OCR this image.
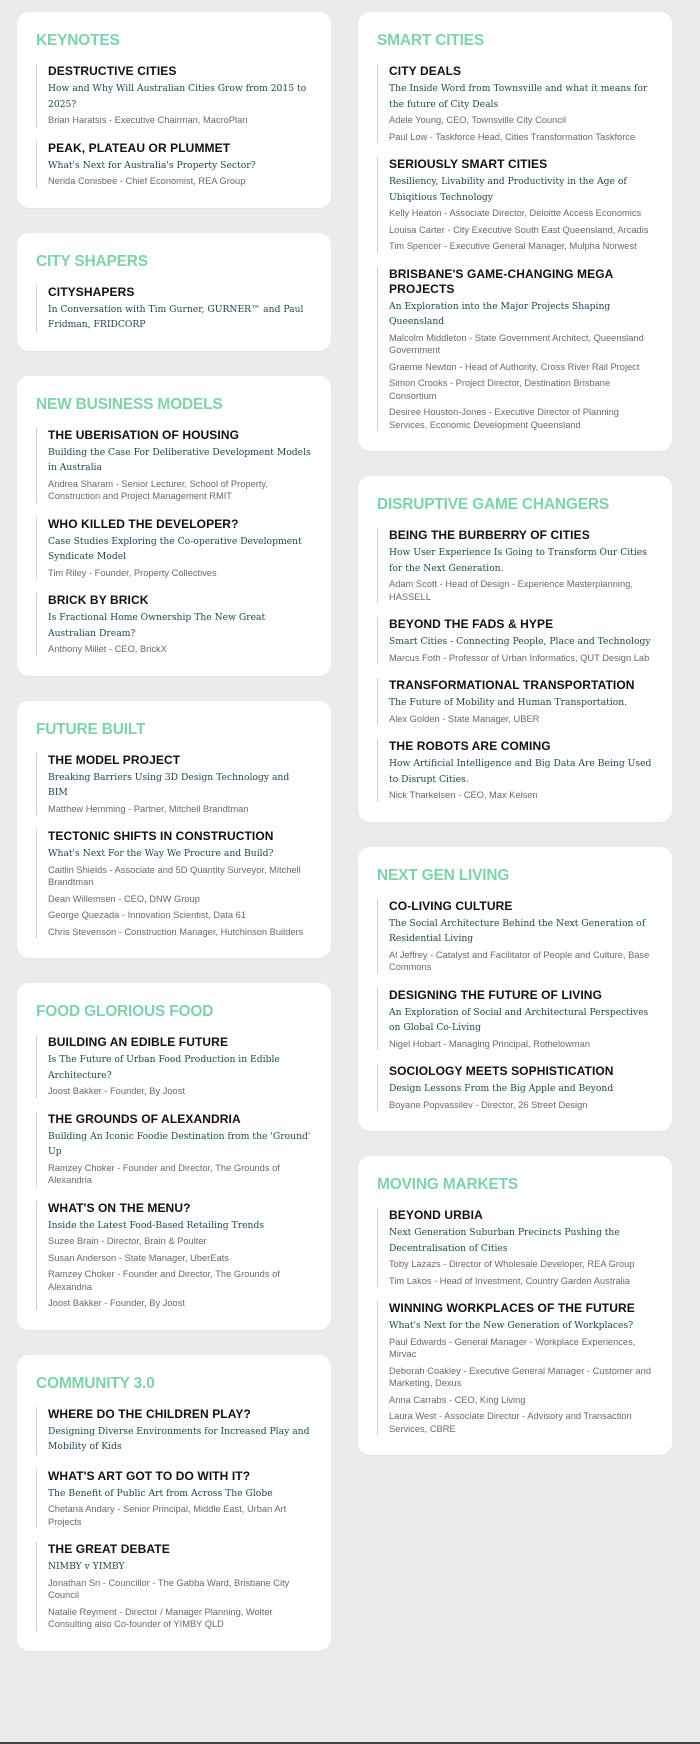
KEYNOTES
DESTRUCTIVE CITIES
How and Why Will Australian Cities Grow from 2015 to 2025?
Brian Haratsis - Executive Chairman, MacroPlan
PEAK, PLATEAU OR PLUMMET
What's Next for Australia's Property Sector?
Nerida Conisbee - Chief Economist, REA Group
CITY SHAPERS
CITYSHAPERS
In Conversation with Tim Gurner, GURNER™ and Paul Fridman, FRIDCORP
NEW BUSINESS MODELS
THE UBERISATION OF HOUSING
Building the Case For Deliberative Development Models in Australia
Andrea Sharam - Senior Lecturer, School of Property, Construction and Project Management RMIT
WHO KILLED THE DEVELOPER?
Case Studies Exploring the Co-operative Development Syndicate Model
Tim Riley - Founder, Property Collectives
BRICK BY BRICK
Is Fractional Home Ownership The New Great Australian Dream?
Anthony Millet - CEO, BrickX
FUTURE BUILT
THE MODEL PROJECT
Breaking Barriers Using 3D Design Technology and BIM
Matthew Hemming - Partner, Mitchell Brandtman
TECTONIC SHIFTS IN CONSTRUCTION
What's Next For the Way We Procure and Build?
Caitlin Shields - Associate and 5D Quantity Surveyor, Mitchell Brandtman
Dean Willemsen - CEO, DNW Group
George Quezada - Innovation Scientist, Data 61
Chris Stevenson - Construction Manager, Hutchinson Builders
FOOD GLORIOUS FOOD
BUILDING AN EDIBLE FUTURE
Is The Future of Urban Food Production in Edible Architecture?
Joost Bakker - Founder, By Joost
THE GROUNDS OF ALEXANDRIA
Building An Iconic Foodie Destination from the 'Ground' Up
Ramzey Choker - Founder and Director, The Grounds of Alexandria
WHAT'S ON THE MENU?
Inside the Latest Food-Based Retailing Trends
Suzee Brain - Director, Brain & Poulter
Susan Anderson - State Manager, UberEats
Ramzey Choker - Founder and Director, The Grounds of Alexandria
Joost Bakker - Founder, By Joost
COMMUNITY 3.0
WHERE DO THE CHILDREN PLAY?
Designing Diverse Environments for Increased Play and Mobility of Kids
WHAT'S ART GOT TO DO WITH IT?
The Benefit of Public Art from Across The Globe
Chetana Andary - Senior Principal, Middle East, Urban Art Projects
THE GREAT DEBATE
NIMBY v YIMBY
Jonathan Sri - Councillor - The Gabba Ward, Brisbane City Council
Natalie Reyment - Director / Manager Planning, Wolter Consulting also Co-founder of YIMBY QLD
SMART CITIES
CITY DEALS
The Inside Word from Townsville and what it means for the future of City Deals
Adele Young, CEO, Townsville City Council
Paul Low - Taskforce Head, Cities Transformation Taskforce
SERIOUSLY SMART CITIES
Resiliency, Livability and Productivity in the Age of Ubiqitious Technology
Kelly Heaton - Associate Director, Deloitte Access Economics
Louisa Carter - City Executive South East Queensland, Arcadis
Tim Spencer - Executive General Manager, Mulpha Norwest
BRISBANE'S GAME-CHANGING MEGA PROJECTS
An Exploration into the Major Projects Shaping Queensland
Malcolm Middleton - State Government Architect, Queensland Government
Graeme Newton - Head of Authority, Cross River Rail Project
Simon Crooks - Project Director, Destination Brisbane Consortium
Desiree Houston-Jones - Executive Director of Planning Services, Economic Development Queensland
DISRUPTIVE GAME CHANGERS
BEING THE BURBERRY OF CITIES
How User Experience Is Going to Transform Our Cities for the Next Generation.
Adam Scott - Head of Design - Experience Masterplanning, HASSELL
BEYOND THE FADS & HYPE
Smart Cities - Connecting People, Place and Technology
Marcus Foth - Professor of Urban Informatics, QUT Design Lab
TRANSFORMATIONAL TRANSPORTATION
The Future of Mobility and Human Transportation.
Alex Golden - State Manager, UBER
THE ROBOTS ARE COMING
How Artificial Intelligence and Big Data Are Being Used to Disrupt Cities.
Nick Tharkelsen - CEO, Max Kelsen
NEXT GEN LIVING
CO-LIVING CULTURE
The Social Architecture Behind the Next Generation of Residential Living
Al Jeffrey - Catalyst and Facilitator of People and Culture, Base Commons
DESIGNING THE FUTURE OF LIVING
An Exploration of Social and Architectural Perspectives on Global Co-Living
Nigel Hobart - Managing Principal, Rothelowman
SOCIOLOGY MEETS SOPHISTICATION
Design Lessons From the Big Apple and Beyond
Boyane Popvassilev - Director, 26 Street Design
MOVING MARKETS
BEYOND URBIA
Next Generation Suburban Precincts Pushing the Decentralisation of Cities
Toby Lazazs - Director of Wholesale Developer, REA Group
Tim Lakos - Head of Investment, Country Garden Australia
WINNING WORKPLACES OF THE FUTURE
What's Next for the New Generation of Workplaces?
Paul Edwards - General Manager - Workplace Experiences, Mirvac
Deborah Coakley - Executive General Manager - Customer and Marketing, Dexus
Anna Carrabs - CEO, King Living
Laura West - Associate Director - Advisory and Transaction Services, CBRE
